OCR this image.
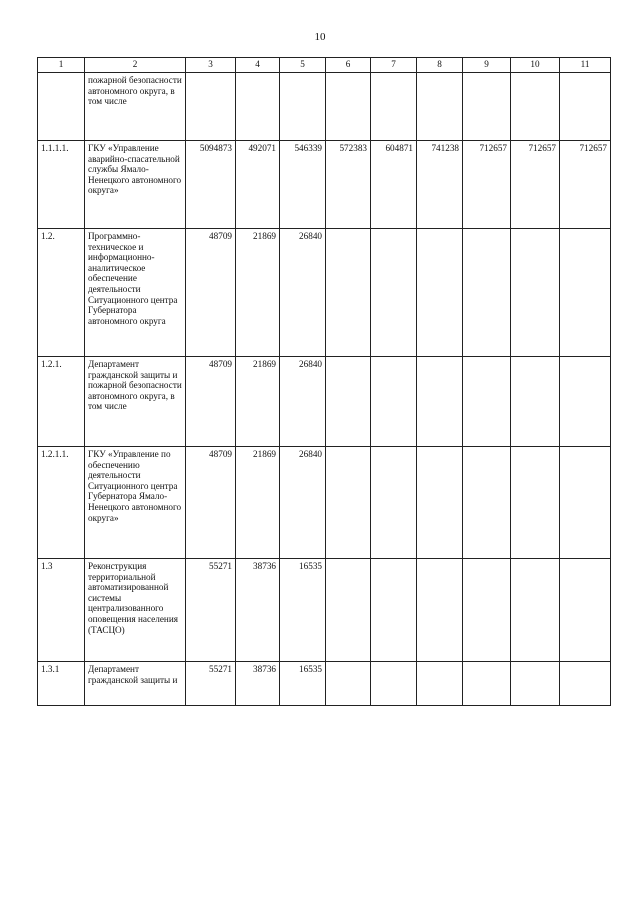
10
1	2	3	4	5	6	7	8	9	10	11
	пожарной безопасности автономного округа, в том числе									
1.1.1.1.	ГКУ «Управление аварийно-спасательной службы Ямало-Ненецкого автономного округа»	5094873	492071	546339	572383	604871	741238	712657	712657	712657
1.2.	Программно-техническое и информационно-аналитическое обеспечение деятельности Ситуационного центра Губернатора автономного округа	48709	21869	26840						
1.2.1.	Департамент гражданской защиты и пожарной безопасности автономного округа, в том числе	48709	21869	26840						
1.2.1.1.	ГКУ «Управление по обеспечению деятельности Ситуационного центра Губернатора Ямало-Ненецкого автономного округа»	48709	21869	26840						
1.3	Реконструкция территориальной автоматизированной системы централизованного оповещения населения (ТАСЦО)	55271	38736	16535						
1.3.1	Департамент гражданской защиты и	55271	38736	16535						
